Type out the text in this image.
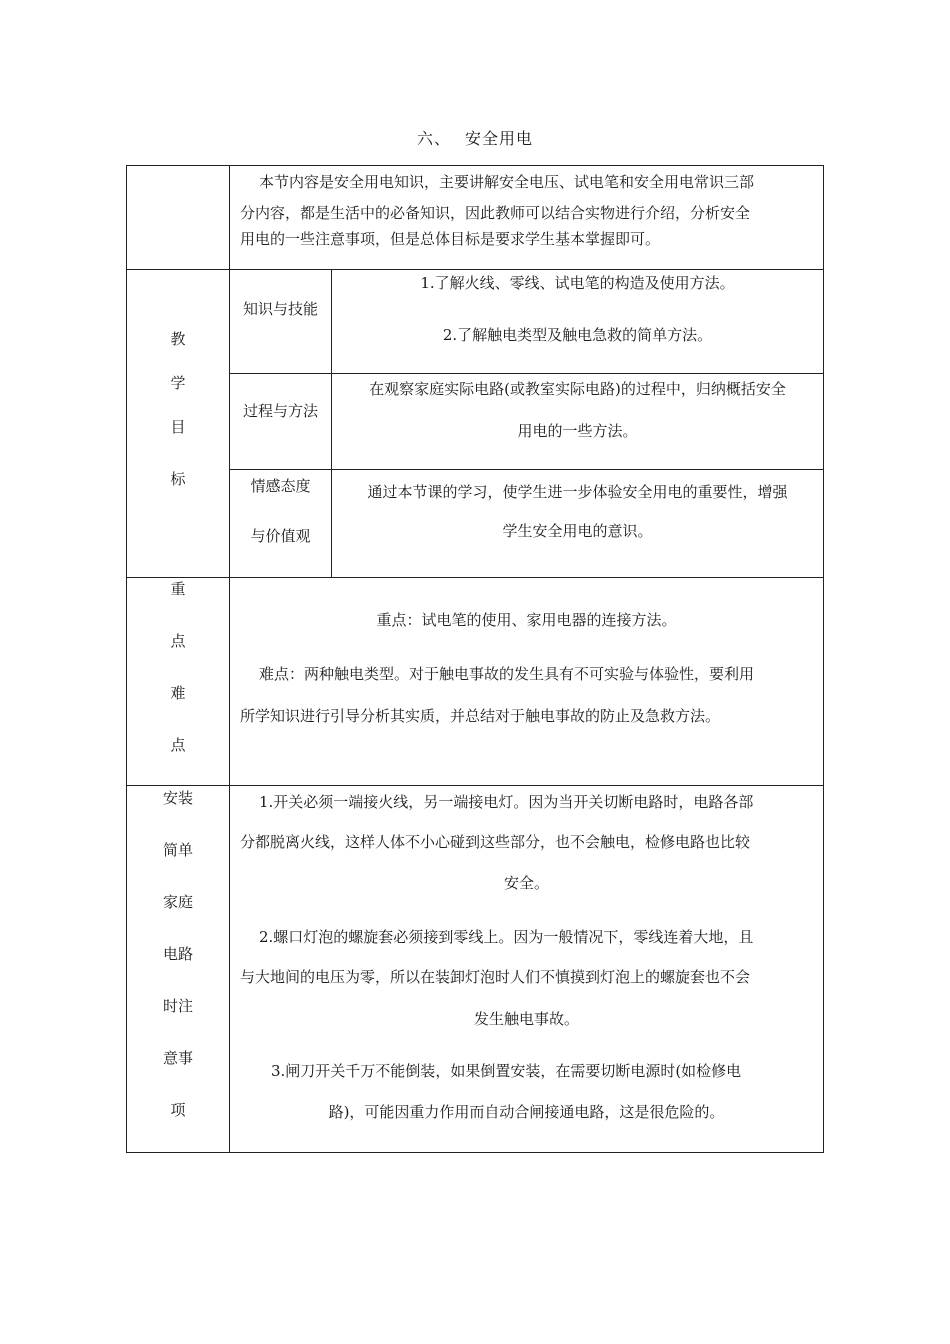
六、 安全用电
本节内容是安全用电知识，主要讲解安全电压、试电笔和安全用电常识三部
分内容，都是生活中的必备知识，因此教师可以结合实物进行介绍，分析安全
用电的一些注意事项，但是总体目标是要求学生基本掌握即可。
教
学
目
标
知识与技能
1.了解火线、零线、试电笔的构造及使用方法。
2.了解触电类型及触电急救的简单方法。
过程与方法
在观察家庭实际电路(或教室实际电路)的过程中，归纳概括安全
用电的一些方法。
情感态度
与价值观
通过本节课的学习，使学生进一步体验安全用电的重要性，增强
学生安全用电的意识。
重
点
难
点
重点：试电笔的使用、家用电器的连接方法。
难点：两种触电类型。对于触电事故的发生具有不可实验与体验性，要利用
所学知识进行引导分析其实质，并总结对于触电事故的防止及急救方法。
安装
简单
家庭
电路
时注
意事
项
1.开关必须一端接火线，另一端接电灯。因为当开关切断电路时，电路各部
分都脱离火线，这样人体不小心碰到这些部分，也不会触电，检修电路也比较
安全。
2.螺口灯泡的螺旋套必须接到零线上。因为一般情况下，零线连着大地，且
与大地间的电压为零，所以在装卸灯泡时人们不慎摸到灯泡上的螺旋套也不会
发生触电事故。
3.闸刀开关千万不能倒装，如果倒置安装，在需要切断电源时(如检修电
路)，可能因重力作用而自动合闸接通电路，这是很危险的。
